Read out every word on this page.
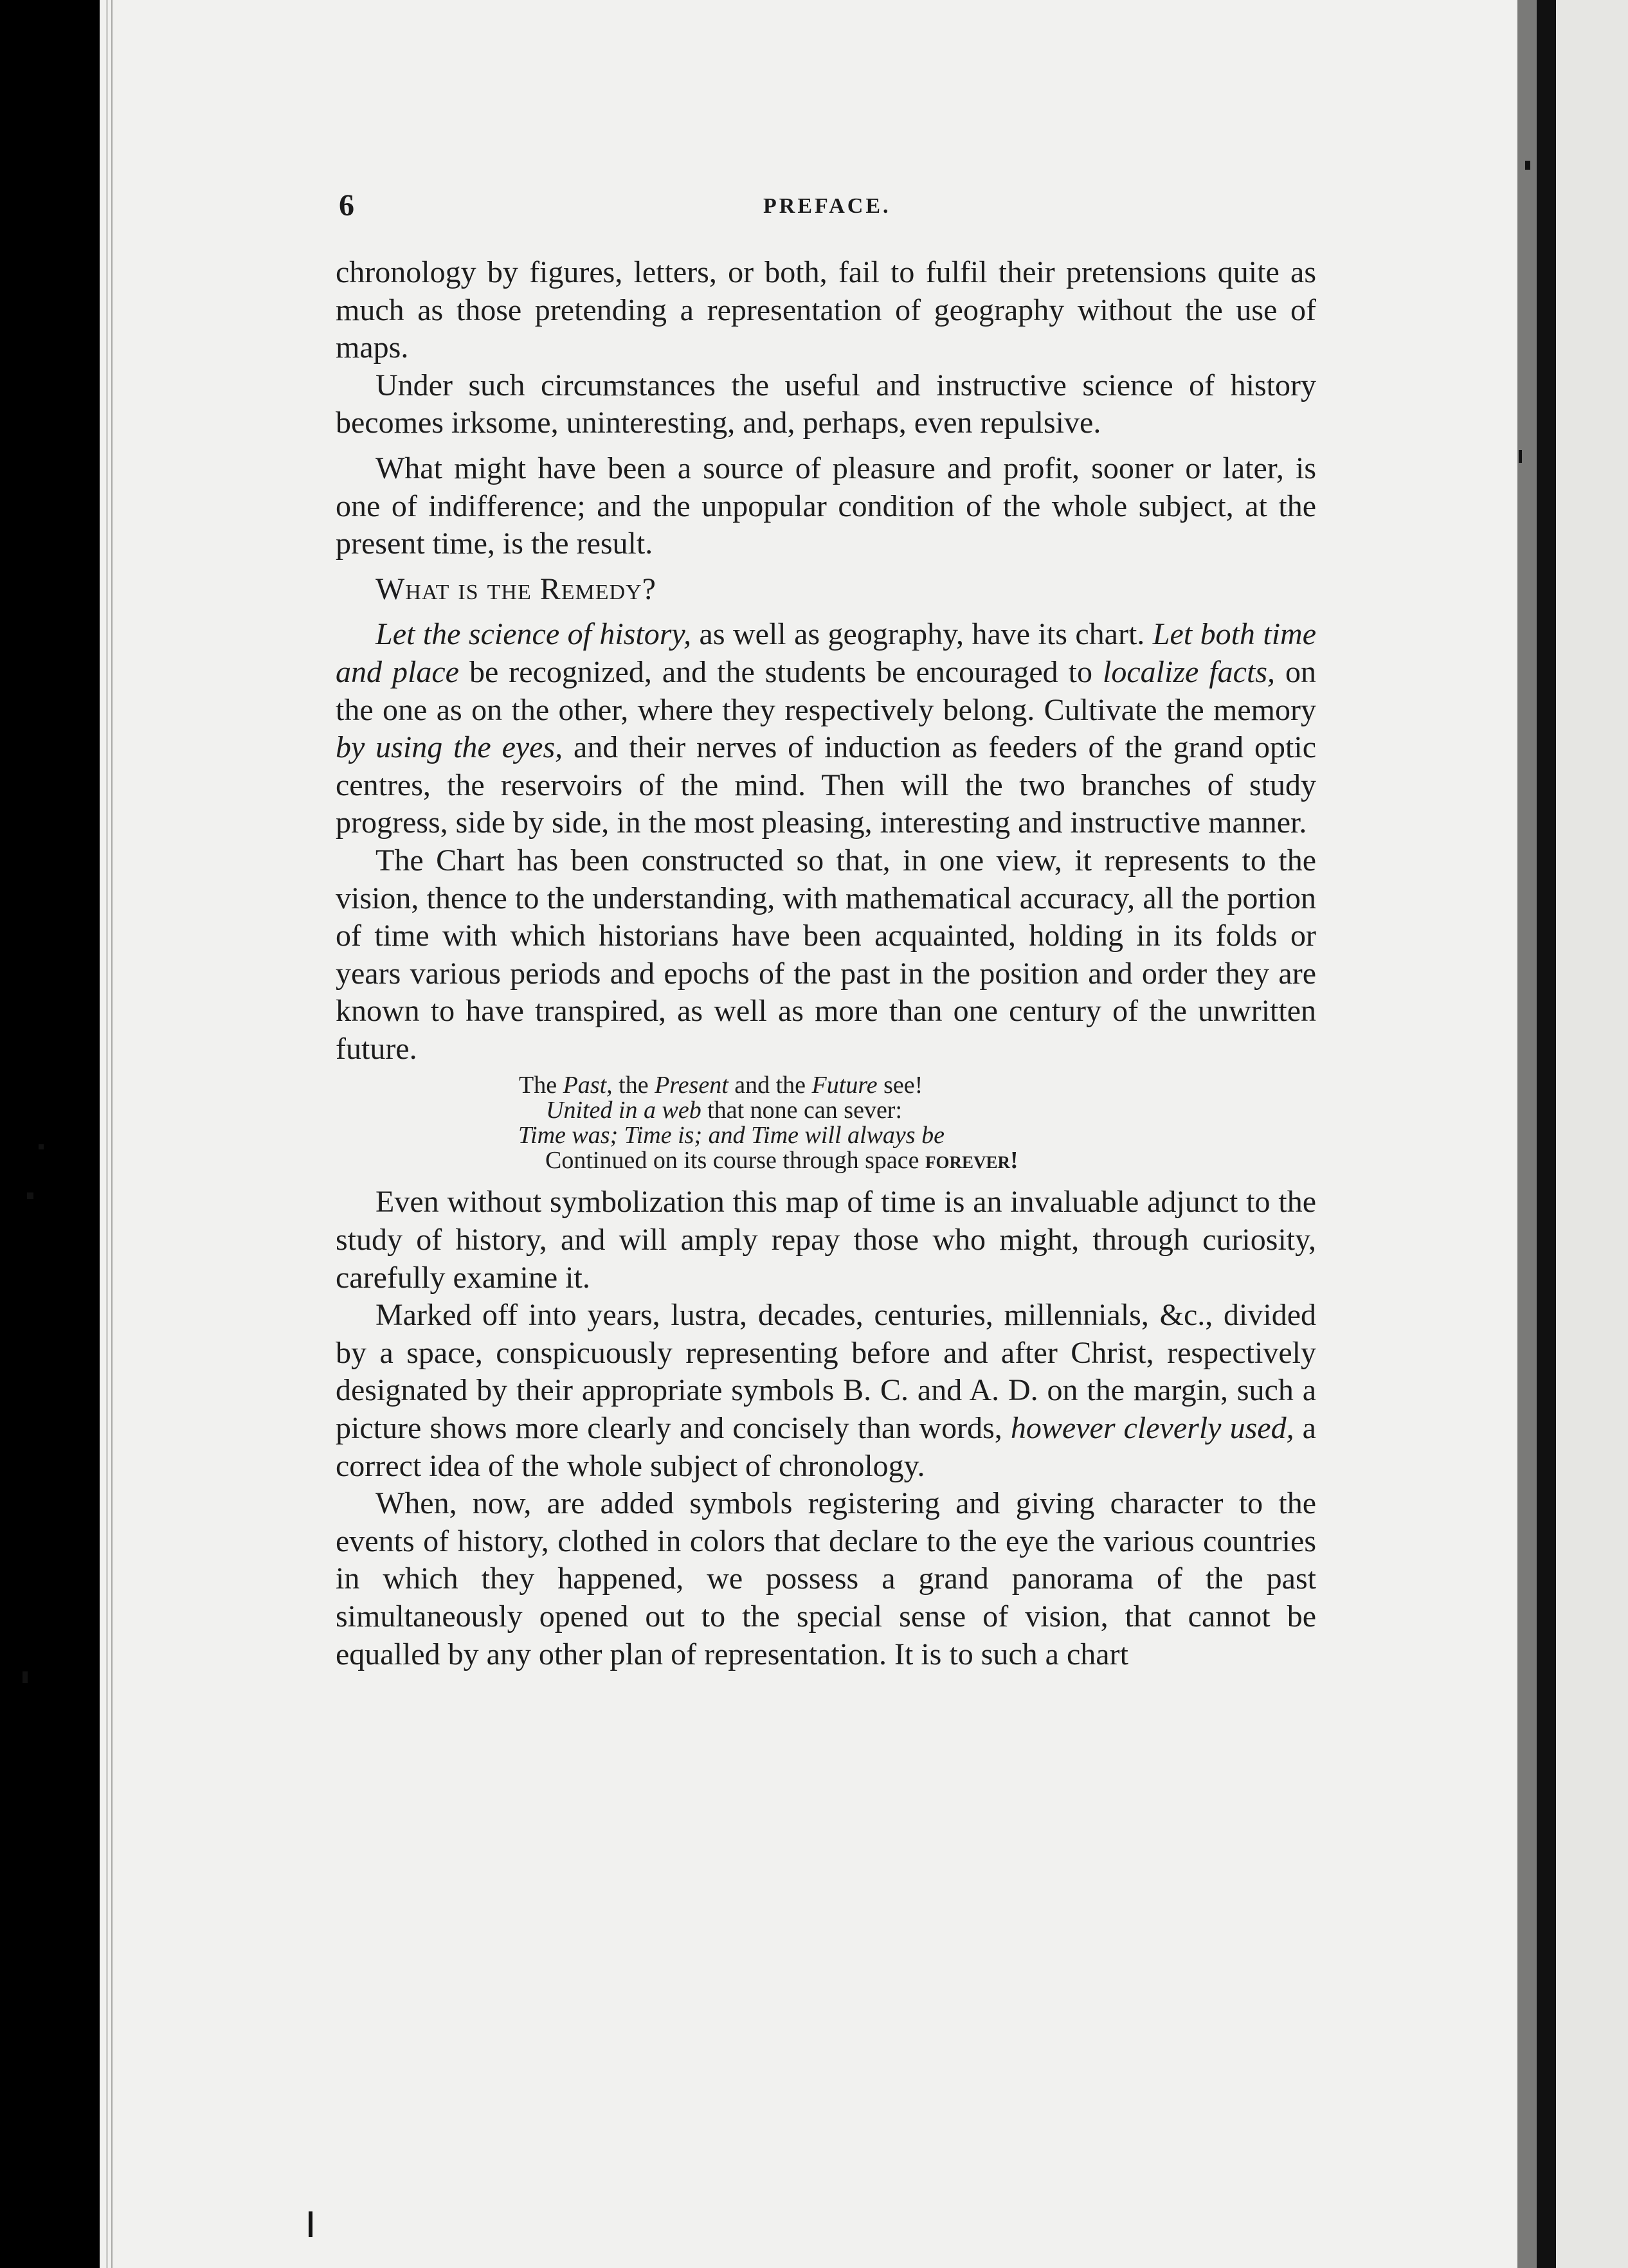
6	PREFACE.

chronology by figures, letters, or both, fail to fulfil their pretensions quite as much as those pretending a representation of geography without the use of maps.

Under such circumstances the useful and instructive science of history becomes irksome, uninteresting, and, perhaps, even repulsive.

What might have been a source of pleasure and profit, sooner or later, is one of indifference; and the unpopular condition of the whole subject, at the present time, is the result.

What is the Remedy?

Let the science of history, as well as geography, have its chart. Let both time and place be recognized, and the students be encouraged to localize facts, on the one as on the other, where they respectively belong. Cultivate the memory by using the eyes, and their nerves of induction as feeders of the grand optic centres, the reservoirs of the mind. Then will the two branches of study progress, side by side, in the most pleasing, interesting and instructive manner.

The Chart has been constructed so that, in one view, it represents to the vision, thence to the understanding, with mathematical accuracy, all the portion of time with which historians have been acquainted, holding in its folds or years various periods and epochs of the past in the position and order they are known to have transpired, as well as more than one century of the unwritten future.

The Past, the Present and the Future see!
United in a web that none can sever:
Time was; Time is; and Time will always be
Continued on its course through space forever!

Even without symbolization this map of time is an invaluable adjunct to the study of history, and will amply repay those who might, through curiosity, carefully examine it.

Marked off into years, lustra, decades, centuries, millennials, &c., divided by a space, conspicuously representing before and after Christ, respectively designated by their appropriate symbols B. C. and A. D. on the margin, such a picture shows more clearly and concisely than words, however cleverly used, a correct idea of the whole subject of chronology.

When, now, are added symbols registering and giving character to the events of history, clothed in colors that declare to the eye the various countries in which they happened, we possess a grand panorama of the past simultaneously opened out to the special sense of vision, that cannot be equalled by any other plan of representation. It is to such a chart
